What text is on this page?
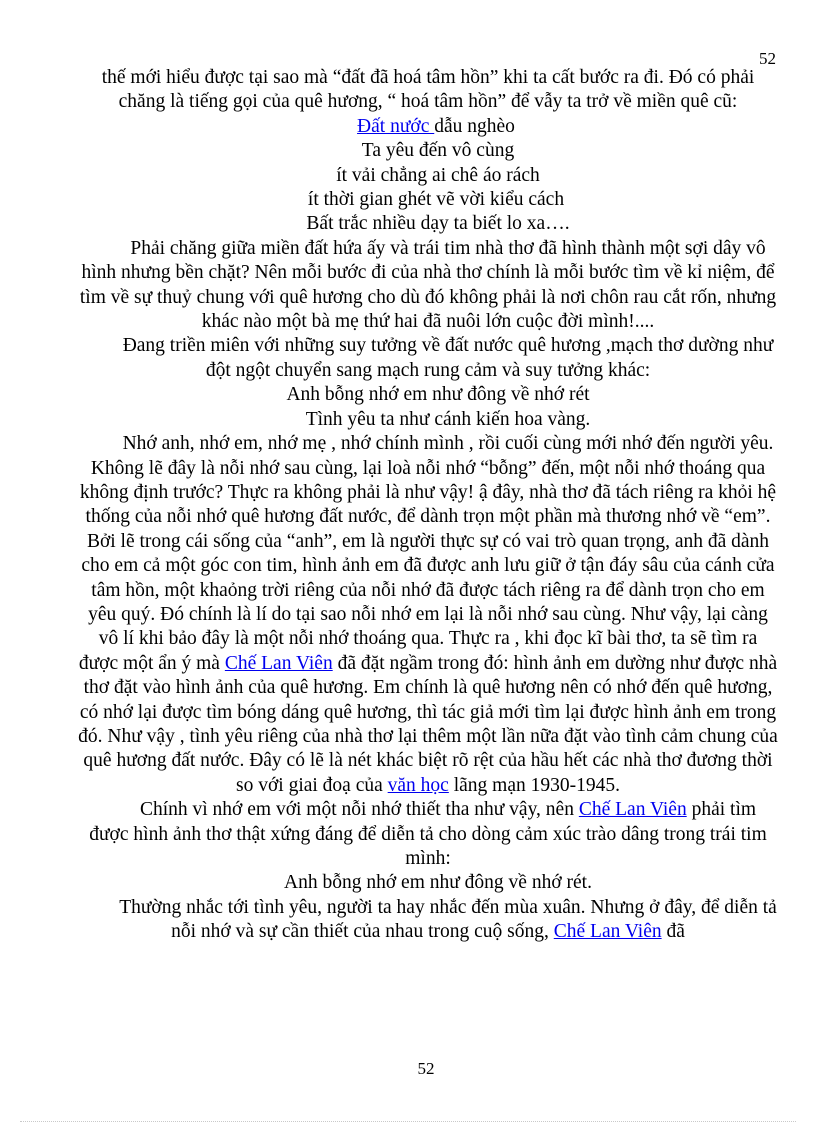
52

thế mới hiểu được tại sao mà “đất đã hoá tâm hồn” khi ta cất bước ra đi. Đó có phải chăng là tiếng gọi của quê hương, “ hoá tâm hồn” để vẫy ta trở về miền quê cũ:

Đất nước dẫu nghèo

Ta yêu đến vô cùng

ít vải chẳng ai chê áo rách

ít thời gian ghét vẽ vời kiểu cách

Bất trắc nhiều dạy ta biết lo xa….

Phải chăng giữa miền đất hứa ấy và trái tim nhà thơ đã hình thành một sợi dây vô hình nhưng bền chặt? Nên mỗi bước đi của nhà thơ chính là mỗi bước tìm về kỉ niệm, để tìm về sự thuỷ chung với quê hương cho dù đó không phải là nơi chôn rau cắt rốn, nhưng khác nào một bà mẹ thứ hai đã nuôi lớn cuộc đời mình!....

Đang triền miên với những suy tưởng về đất nước quê hương ,mạch thơ dường như đột ngột chuyển sang mạch rung cảm và suy tưởng khác:

Anh bỗng nhớ em như đông về nhớ rét

Tình yêu ta như cánh kiến hoa vàng.

Nhớ anh, nhớ em, nhớ mẹ , nhớ chính mình , rồi cuối cùng mới nhớ đến người yêu. Không lẽ đây là nỗi nhớ sau cùng, lại loà nỗi nhớ “bỗng” đến, một nỗi nhớ thoáng qua không định trước? Thực ra không phải là như vậy! ậ đây, nhà thơ đã tách riêng ra khỏi hệ thống của nỗi nhớ quê hương đất nước, để dành trọn một phần mà thương nhớ về “em”. Bởi lẽ trong cái sống của “anh”, em là người thực sự có vai trò quan trọng, anh đã dành cho em cả một góc con tim, hình ảnh em đã được anh lưu giữ ở tận đáy sâu của cánh cửa tâm hồn, một khaỏng trời riêng của nỗi nhớ đã được tách riêng ra để dành trọn cho em yêu quý. Đó chính là lí do tại sao nỗi nhớ em lại là nỗi nhớ sau cùng. Như vậy, lại càng vô lí khi bảo đây là một nỗi nhớ thoáng qua. Thực ra , khi đọc kĩ bài thơ, ta sẽ tìm ra được một ẩn ý mà Chế Lan Viên đã đặt ngầm trong đó: hình ảnh em dường như được nhà thơ đặt vào hình ảnh của quê hương. Em chính là quê hương nên có nhớ đến quê hương, có nhớ lại được tìm bóng dáng quê hương, thì tác giả mới tìm lại được hình ảnh em trong đó. Như vậy , tình yêu riêng của nhà thơ lại thêm một lần nữa đặt vào tình cảm chung của quê hương đất nước. Đây có lẽ là nét khác biệt rõ rệt của hầu hết các nhà thơ đương thời so với giai đoạ của văn học lãng mạn 1930-1945.

Chính vì nhớ em với một nỗi nhớ thiết tha như vậy, nên Chế Lan Viên phải tìm được hình ảnh thơ thật xứng đáng để diễn tả cho dòng cảm xúc trào dâng trong trái tim mình:

Anh bỗng nhớ em như đông về nhớ rét.

Thường nhắc tới tình yêu, người ta hay nhắc đến mùa xuân. Nhưng ở đây, để diễn tả nỗi nhớ và sự cần thiết của nhau trong cuộ sống, Chế Lan Viên đã

52
